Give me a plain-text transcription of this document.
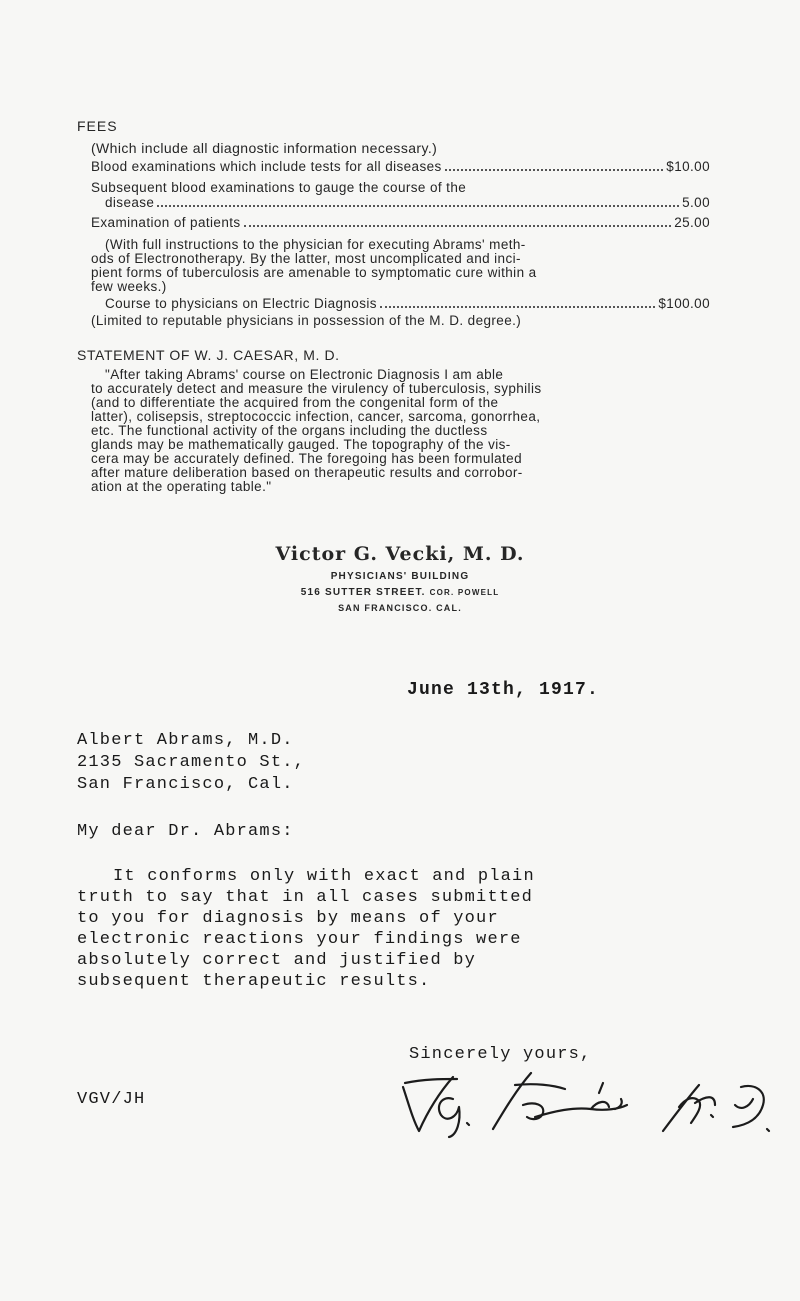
FEES
(Which include all diagnostic information necessary.)
Blood examinations which include tests for all diseases	$10.00
Subsequent blood examinations to gauge the course of the
disease	5.00
Examination of patients	25.00
(With full instructions to the physician for executing Abrams' meth-
ods of Electronotherapy. By the latter, most uncomplicated and inci-
pient forms of tuberculosis are amenable to symptomatic cure within a
few weeks.)
Course to physicians on Electric Diagnosis	$100.00
(Limited to reputable physicians in possession of the M. D. degree.)
STATEMENT OF W. J. CAESAR, M. D.
"After taking Abrams' course on Electronic Diagnosis I am able
to accurately detect and measure the virulency of tuberculosis, syphilis
(and to differentiate the acquired from the congenital form of the
latter), colisepsis, streptococcic infection, cancer, sarcoma, gonorrhea,
etc. The functional activity of the organs including the ductless
glands may be mathematically gauged. The topography of the vis-
cera may be accurately defined. The foregoing has been formulated
after mature deliberation based on therapeutic results and corrobor-
ation at the operating table."
Victor G. Vecki, M. D.
PHYSICIANS' BUILDING
516 SUTTER STREET. COR. POWELL
SAN FRANCISCO. CAL.
June 13th, 1917.
Albert Abrams, M.D.
2135 Sacramento St.,
San Francisco, Cal.
My dear Dr. Abrams:
It conforms only with exact and plain
truth to say that in all cases submitted
to you for diagnosis by means of your
electronic reactions your findings were
absolutely correct and justified by
subsequent therapeutic results.
Sincerely yours,
VGV/JH
